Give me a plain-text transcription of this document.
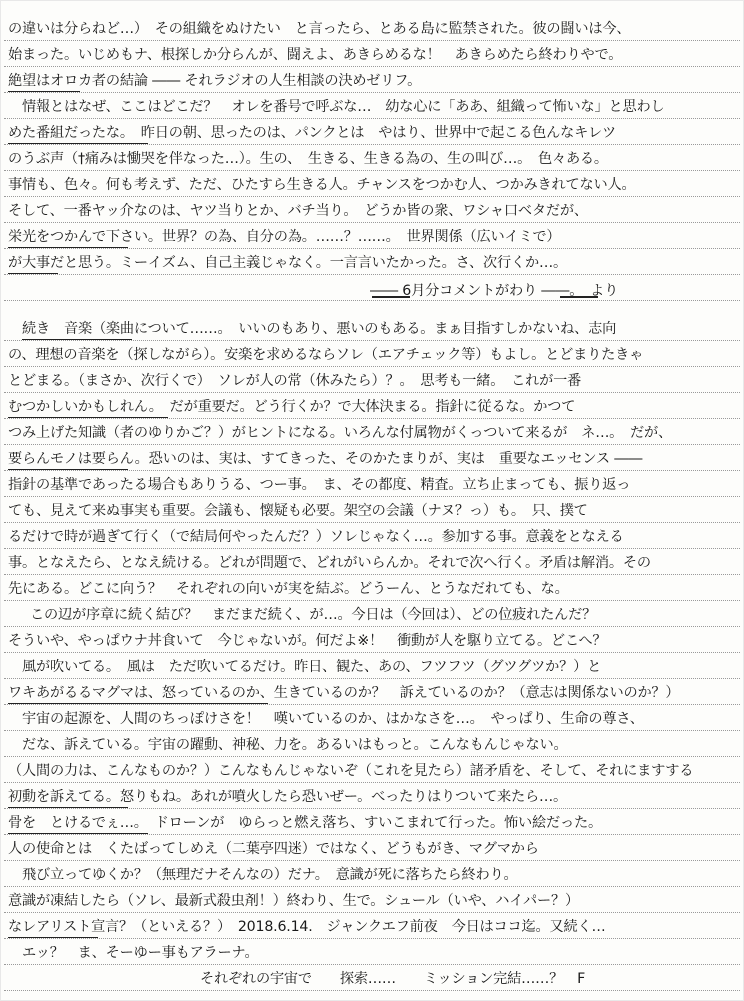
の違いは分らねど…）　その組織をぬけたい　と言ったら、とある島に監禁された。彼の闘いは今、
始まった。いじめもナ、根探しか分らんが、闘えよ、あきらめるな！　あきらめたら終わりやで。
絶望はオロカ者の結論 ―― それラジオの人生相談の決めゼリフ。
情報とはなぜ、ここはどこだ？　オレを番号で呼ぶな…　幼な心に「ああ、組織って怖いな」と思わし
めた番組だったな。　昨日の朝、思ったのは、パンクとは　やはり、世界中で起こる色んなキレツ
のうぶ声（†痛みは慟哭を伴なった…）。生の、　生きる、生きる為の、生の叫び…。　色々ある。
事情も、色々。何も考えず、ただ、ひたすら生きる人。チャンスをつかむ人、つかみきれてない人。
そして、一番ヤッ介なのは、ヤツ当りとか、バチ当り。　どうか皆の衆、ワシャ口ベタだが、
栄光をつかんで下さい。世界？の為、自分の為。……？……。　世界関係（広いイミで）
が大事だと思う。ミーイズム、自己主義じゃなく。一言言いたかった。さ、次行くか…。
―― 6月分コメントがわり ――。　より
続き　音楽（楽曲について……。　いいのもあり、悪いのもある。まぁ目指すしかないね、志向
の、理想の音楽を（探しながら）。安楽を求めるならソレ（エアチェック等）もよし。とどまりたきゃ
とどまる。（まさか、次行くで）　ソレが人の常（休みたら）？。　思考も一緒。　これが一番
むつかしいかもしれん。　だが重要だ。どう行くか？で大体決まる。指針に従るな。かつて
つみ上げた知識（者のゆりかご？）がヒントになる。いろんな付属物がくっついて来るが　ネ…。　だが、
要らんモノは要らん。恐いのは、実は、すてきった、そのかたまりが、実は　重要なエッセンス ――
指針の基準であったる場合もありうる、つー事。　ま、その都度、精査。立ち止まっても、振り返っ
ても、見えて来ぬ事実も重要。会議も、懐疑も必要。架空の会議（ナヌ？っ）も。　只、撲て
るだけで時が過ぎて行く（で結局何やったんだ？）ソレじゃなく…。参加する事。意義をとなえる
事。となえたら、となえ続ける。どれが問題で、どれがいらんか。それで次へ行く。矛盾は解消。その
先にある。どこに向う？　それぞれの向いが実を結ぶ。どうーん、とうなだれても、な。
この辺が序章に続く結び？　まだまだ続く、が…。今日は（今回は）、どの位疲れたんだ？
そういや、やっぱウナ丼食いて　今じゃないが。何だよ※！　衝動が人を駆り立てる。どこへ？
風が吹いてる。　風は　ただ吹いてるだけ。昨日、観た、あの、フツフツ（グツグツか？）と
ワキあがるるマグマは、怒っているのか、生きているのか？　訴えているのか？（意志は関係ないのか？）
宇宙の起源を、人間のちっぽけさを！　嘆いているのか、はかなさを…。　やっぱり、生命の尊さ、
だな、訴えている。宇宙の躍動、神秘、力を。あるいはもっと。こんなもんじゃない。
（人間の力は、こんなものか？）こんなもんじゃないぞ（これを見たら）諸矛盾を、そして、それにますする
初動を訴えてる。怒りもね。あれが噴火したら恐いぜー。べったりはりついて来たら…。
骨を　とけるでぇ…。　ドローンが　ゆらっと燃え落ち、すいこまれて行った。怖い絵だった。
人の使命とは　くたばってしめえ（二葉亭四迷）ではなく、どうもがき、マグマから
飛び立ってゆくか？（無理だナそんなの）だナ。　意識が死に落ちたら終わり。
意識が凍結したら（ソレ、最新式殺虫剤！）終わり、生で。シュール（いや、ハイパー？）
なレアリスト宣言？（といえる？）　2018.6.14.　ジャンクエフ前夜　今日はココ迄。又続く…
エッ？　ま、そーゆー事もアラーナ。
それぞれの宇宙で　　探索……　　ミッション完結……？　F
